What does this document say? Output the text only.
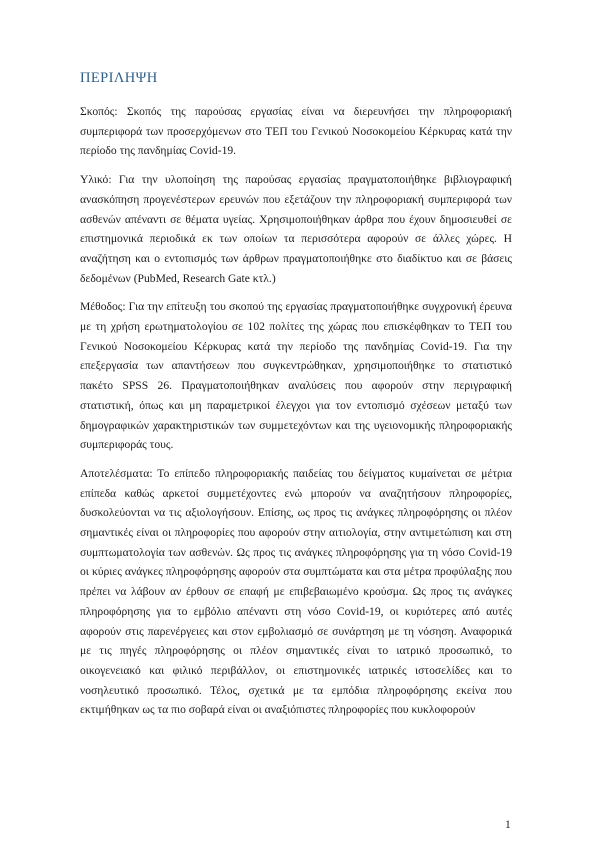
ΠΕΡΙΛΗΨΗ

Σκοπός: Σκοπός της παρούσας εργασίας είναι να διερευνήσει την πληροφοριακή συμπεριφορά των προσερχόμενων στο ΤΕΠ του Γενικού Νοσοκομείου Κέρκυρας κατά την περίοδο της πανδημίας Covid-19.

Υλικό: Για την υλοποίηση της παρούσας εργασίας πραγματοποιήθηκε βιβλιογραφική ανασκόπηση προγενέστερων ερευνών που εξετάζουν την πληροφοριακή συμπεριφορά των ασθενών απέναντι σε θέματα υγείας. Χρησιμοποιήθηκαν άρθρα που έχουν δημοσιευθεί σε επιστημονικά περιοδικά εκ των οποίων τα περισσότερα αφορούν σε άλλες χώρες. Η αναζήτηση και ο εντοπισμός των άρθρων πραγματοποιήθηκε στο διαδίκτυο και σε βάσεις δεδομένων (PubMed, Research Gate κτλ.)

Μέθοδος: Για την επίτευξη του σκοπού της εργασίας πραγματοποιήθηκε συγχρονική έρευνα με τη χρήση ερωτηματολογίου σε 102 πολίτες της χώρας που επισκέφθηκαν το ΤΕΠ του Γενικού Νοσοκομείου Κέρκυρας κατά την περίοδο της πανδημίας Covid-19. Για την επεξεργασία των απαντήσεων που συγκεντρώθηκαν, χρησιμοποιήθηκε το στατιστικό πακέτο SPSS 26. Πραγματοποιήθηκαν αναλύσεις που αφορούν στην περιγραφική στατιστική, όπως και μη παραμετρικοί έλεγχοι για τον εντοπισμό σχέσεων μεταξύ των δημογραφικών χαρακτηριστικών των συμμετεχόντων και της υγειονομικής πληροφοριακής συμπεριφοράς τους.

Αποτελέσματα: Το επίπεδο πληροφοριακής παιδείας του δείγματος κυμαίνεται σε μέτρια επίπεδα καθώς αρκετοί συμμετέχοντες ενώ μπορούν να αναζητήσουν πληροφορίες, δυσκολεύονται να τις αξιολογήσουν. Επίσης, ως προς τις ανάγκες πληροφόρησης οι πλέον σημαντικές είναι οι πληροφορίες που αφορούν στην αιτιολογία, στην αντιμετώπιση και στη συμπτωματολογία των ασθενών. Ως προς τις ανάγκες πληροφόρησης για τη νόσο Covid-19 οι κύριες ανάγκες πληροφόρησης αφορούν στα συμπτώματα και στα μέτρα προφύλαξης που πρέπει να λάβουν αν έρθουν σε επαφή με επιβεβαιωμένο κρούσμα. Ως προς τις ανάγκες πληροφόρησης για το εμβόλιο απέναντι στη νόσο Covid-19, οι κυριότερες από αυτές αφορούν στις παρενέργειες και στον εμβολιασμό σε συνάρτηση με τη νόσηση. Αναφορικά με τις πηγές πληροφόρησης οι πλέον σημαντικές είναι το ιατρικό προσωπικό, το οικογενειακό και φιλικό περιβάλλον, οι επιστημονικές ιατρικές ιστοσελίδες και το νοσηλευτικό προσωπικό. Τέλος, σχετικά με τα εμπόδια πληροφόρησης εκείνα που εκτιμήθηκαν ως τα πιο σοβαρά είναι οι αναξιόπιστες πληροφορίες που κυκλοφορούν

1
